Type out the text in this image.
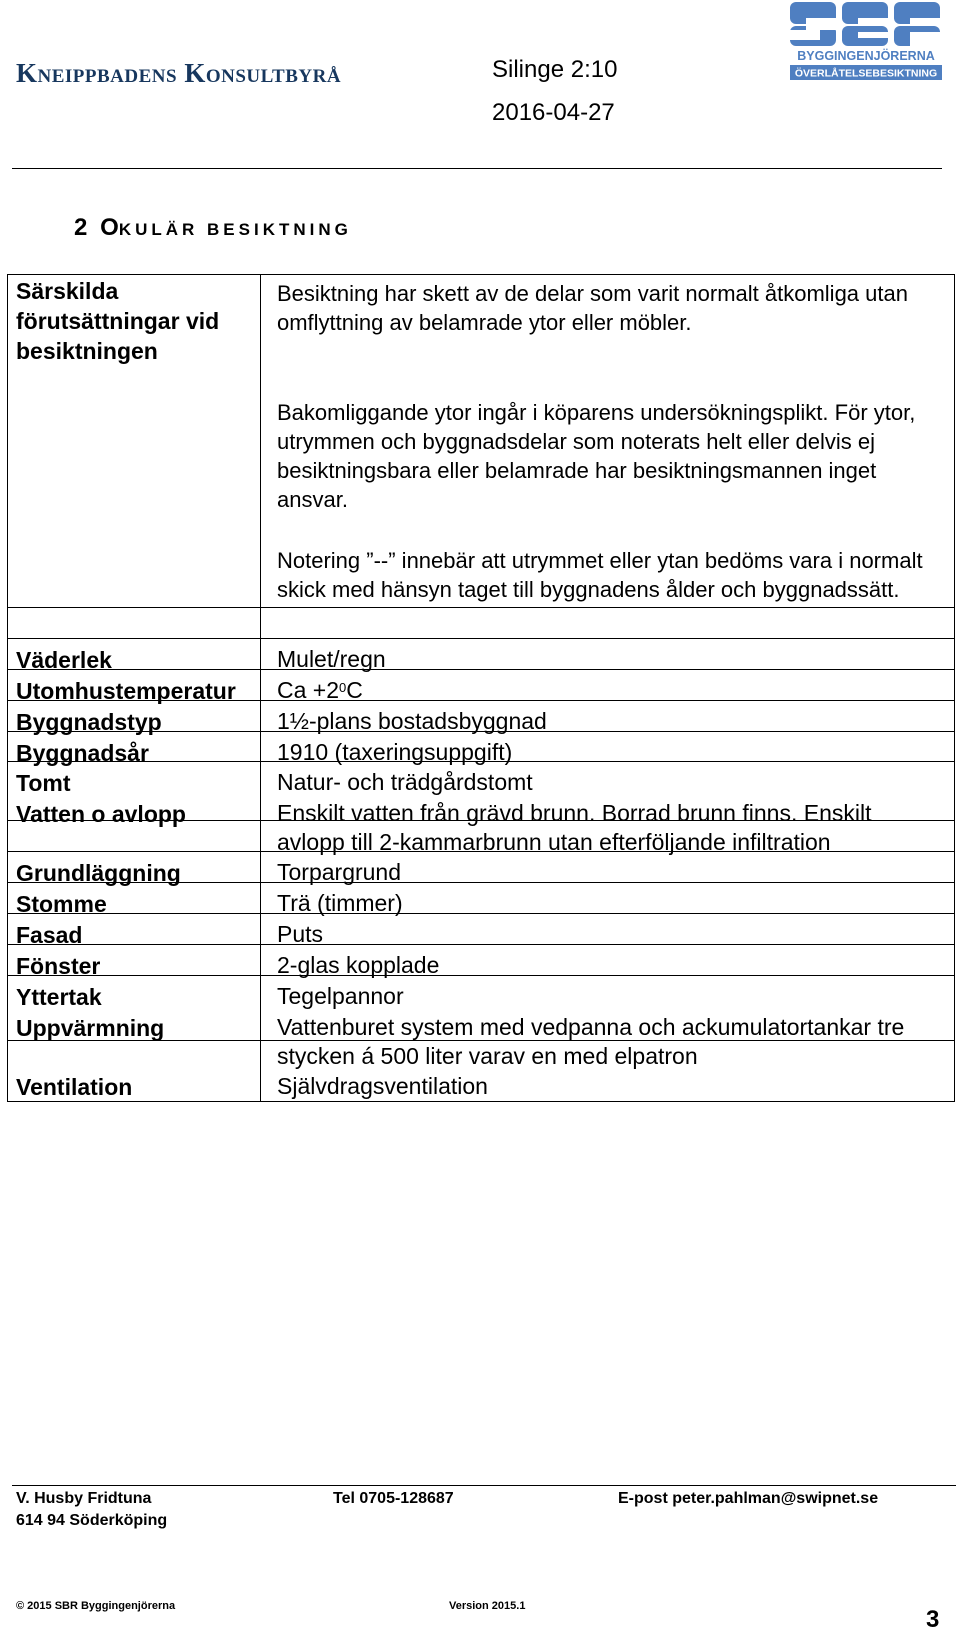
Kneippbadens Konsultbyrå	Silinge 2:10
2016-04-27
BYGGINGENJÖRERNA
ÖVERLÅTELSEBESIKTNING
2 OKULÄR BESIKTNING
Särskilda förutsättningar vid besiktningen
Besiktning har skett av de delar som varit normalt åtkomliga utan omflyttning av belamrade ytor eller möbler.
Bakomliggande ytor ingår i köparens undersökningsplikt. För ytor, utrymmen och byggnadsdelar som noterats helt eller delvis ej besiktningsbara eller belamrade har besiktningsmannen inget ansvar.
Notering ”--” innebär att utrymmet eller ytan bedöms vara i normalt skick med hänsyn taget till byggnadens ålder och byggnadssätt.
Väderlek	Mulet/regn
Utomhustemperatur $Ca +2^0C$
Byggnadstyp	1½-plans bostadsbyggnad
Byggnadsår	1910 (taxeringsuppgift)
Tomt	Natur- och trädgårdstomt
Vatten o avlopp	Enskilt vatten från grävd brunn. Borrad brunn finns. Enskilt avlopp till 2-kammarbrunn utan efterföljande infiltration
Grundläggning	Torpargrund
Stomme	Trä (timmer)
Fasad	Puts
Fönster	2-glas kopplade
Yttertak	Tegelpannor
Uppvärmning	Vattenburet system med vedpanna och ackumulatortankar tre stycken á 500 liter varav en med elpatron
Ventilation	Självdragsventilation
V. Husby Fridtuna
614 94 Söderköping
Tel 0705-128687	E-post peter.pahlman@swipnet.se
© 2015 SBR Byggingenjörerna	Version 2015.1	3
